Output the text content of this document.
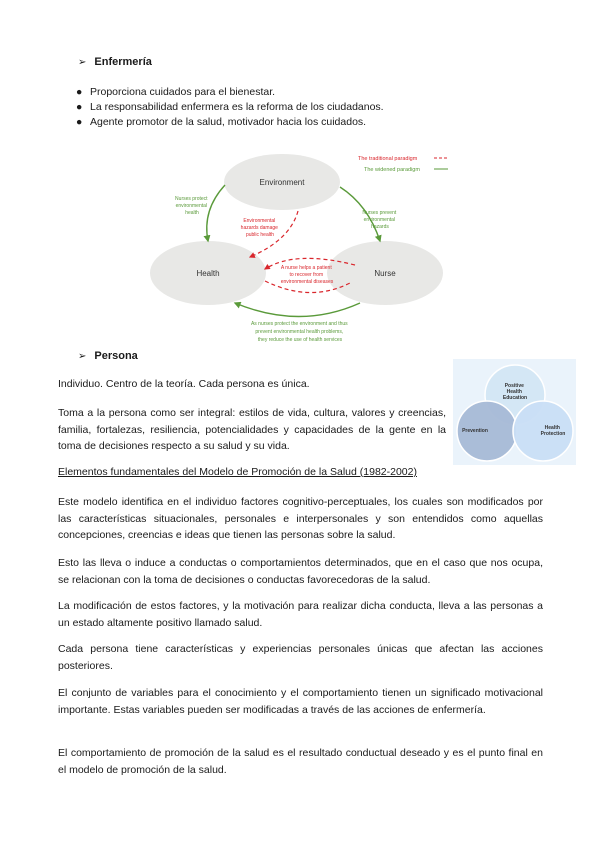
➢ Enfermería
● Proporciona cuidados para el bienestar.
● La responsabilidad enfermera es la reforma de los ciudadanos.
● Agente promotor de la salud, motivador hacia los cuidados.
Environment
Health	Nurse
The traditional paradigm
The widened paradigm
Nurses protect environmental health	Nurses prevent environmental hazards
As nurses protect the environment and thus prevent environmental health problems, they reduce the use of health services
Environmental hazards damage public health
A nurse helps a patient to recover from environmental diseases
➢ Persona

Individuo. Centro de la teoría. Cada persona es única.

Toma a la persona como ser integral: estilos de vida, cultura, valores y creencias, familia, fortalezas, resiliencia, potencialidades y capacidades de la gente en la toma de decisiones respecto a su salud y su vida.

Positive Health Education
Prevention	Health Protection
Elementos fundamentales del Modelo de Promoción de la Salud (1982-2002)

Este modelo identifica en el individuo factores cognitivo-perceptuales, los cuales son modificados por las características situacionales, personales e interpersonales y son entendidos como aquellas concepciones, creencias e ideas que tienen las personas sobre la salud.

Esto las lleva o induce a conductas o comportamientos determinados, que en el caso que nos ocupa, se relacionan con la toma de decisiones o conductas favorecedoras de la salud.

La modificación de estos factores, y la motivación para realizar dicha conducta, lleva a las personas a un estado altamente positivo llamado salud.

Cada persona tiene características y experiencias personales únicas que afectan las acciones posteriores.

El conjunto de variables para el conocimiento y el comportamiento tienen un significado motivacional importante. Estas variables pueden ser modificadas a través de las acciones de enfermería.

El comportamiento de promoción de la salud es el resultado conductual deseado y es el punto final en el modelo de promoción de la salud.
